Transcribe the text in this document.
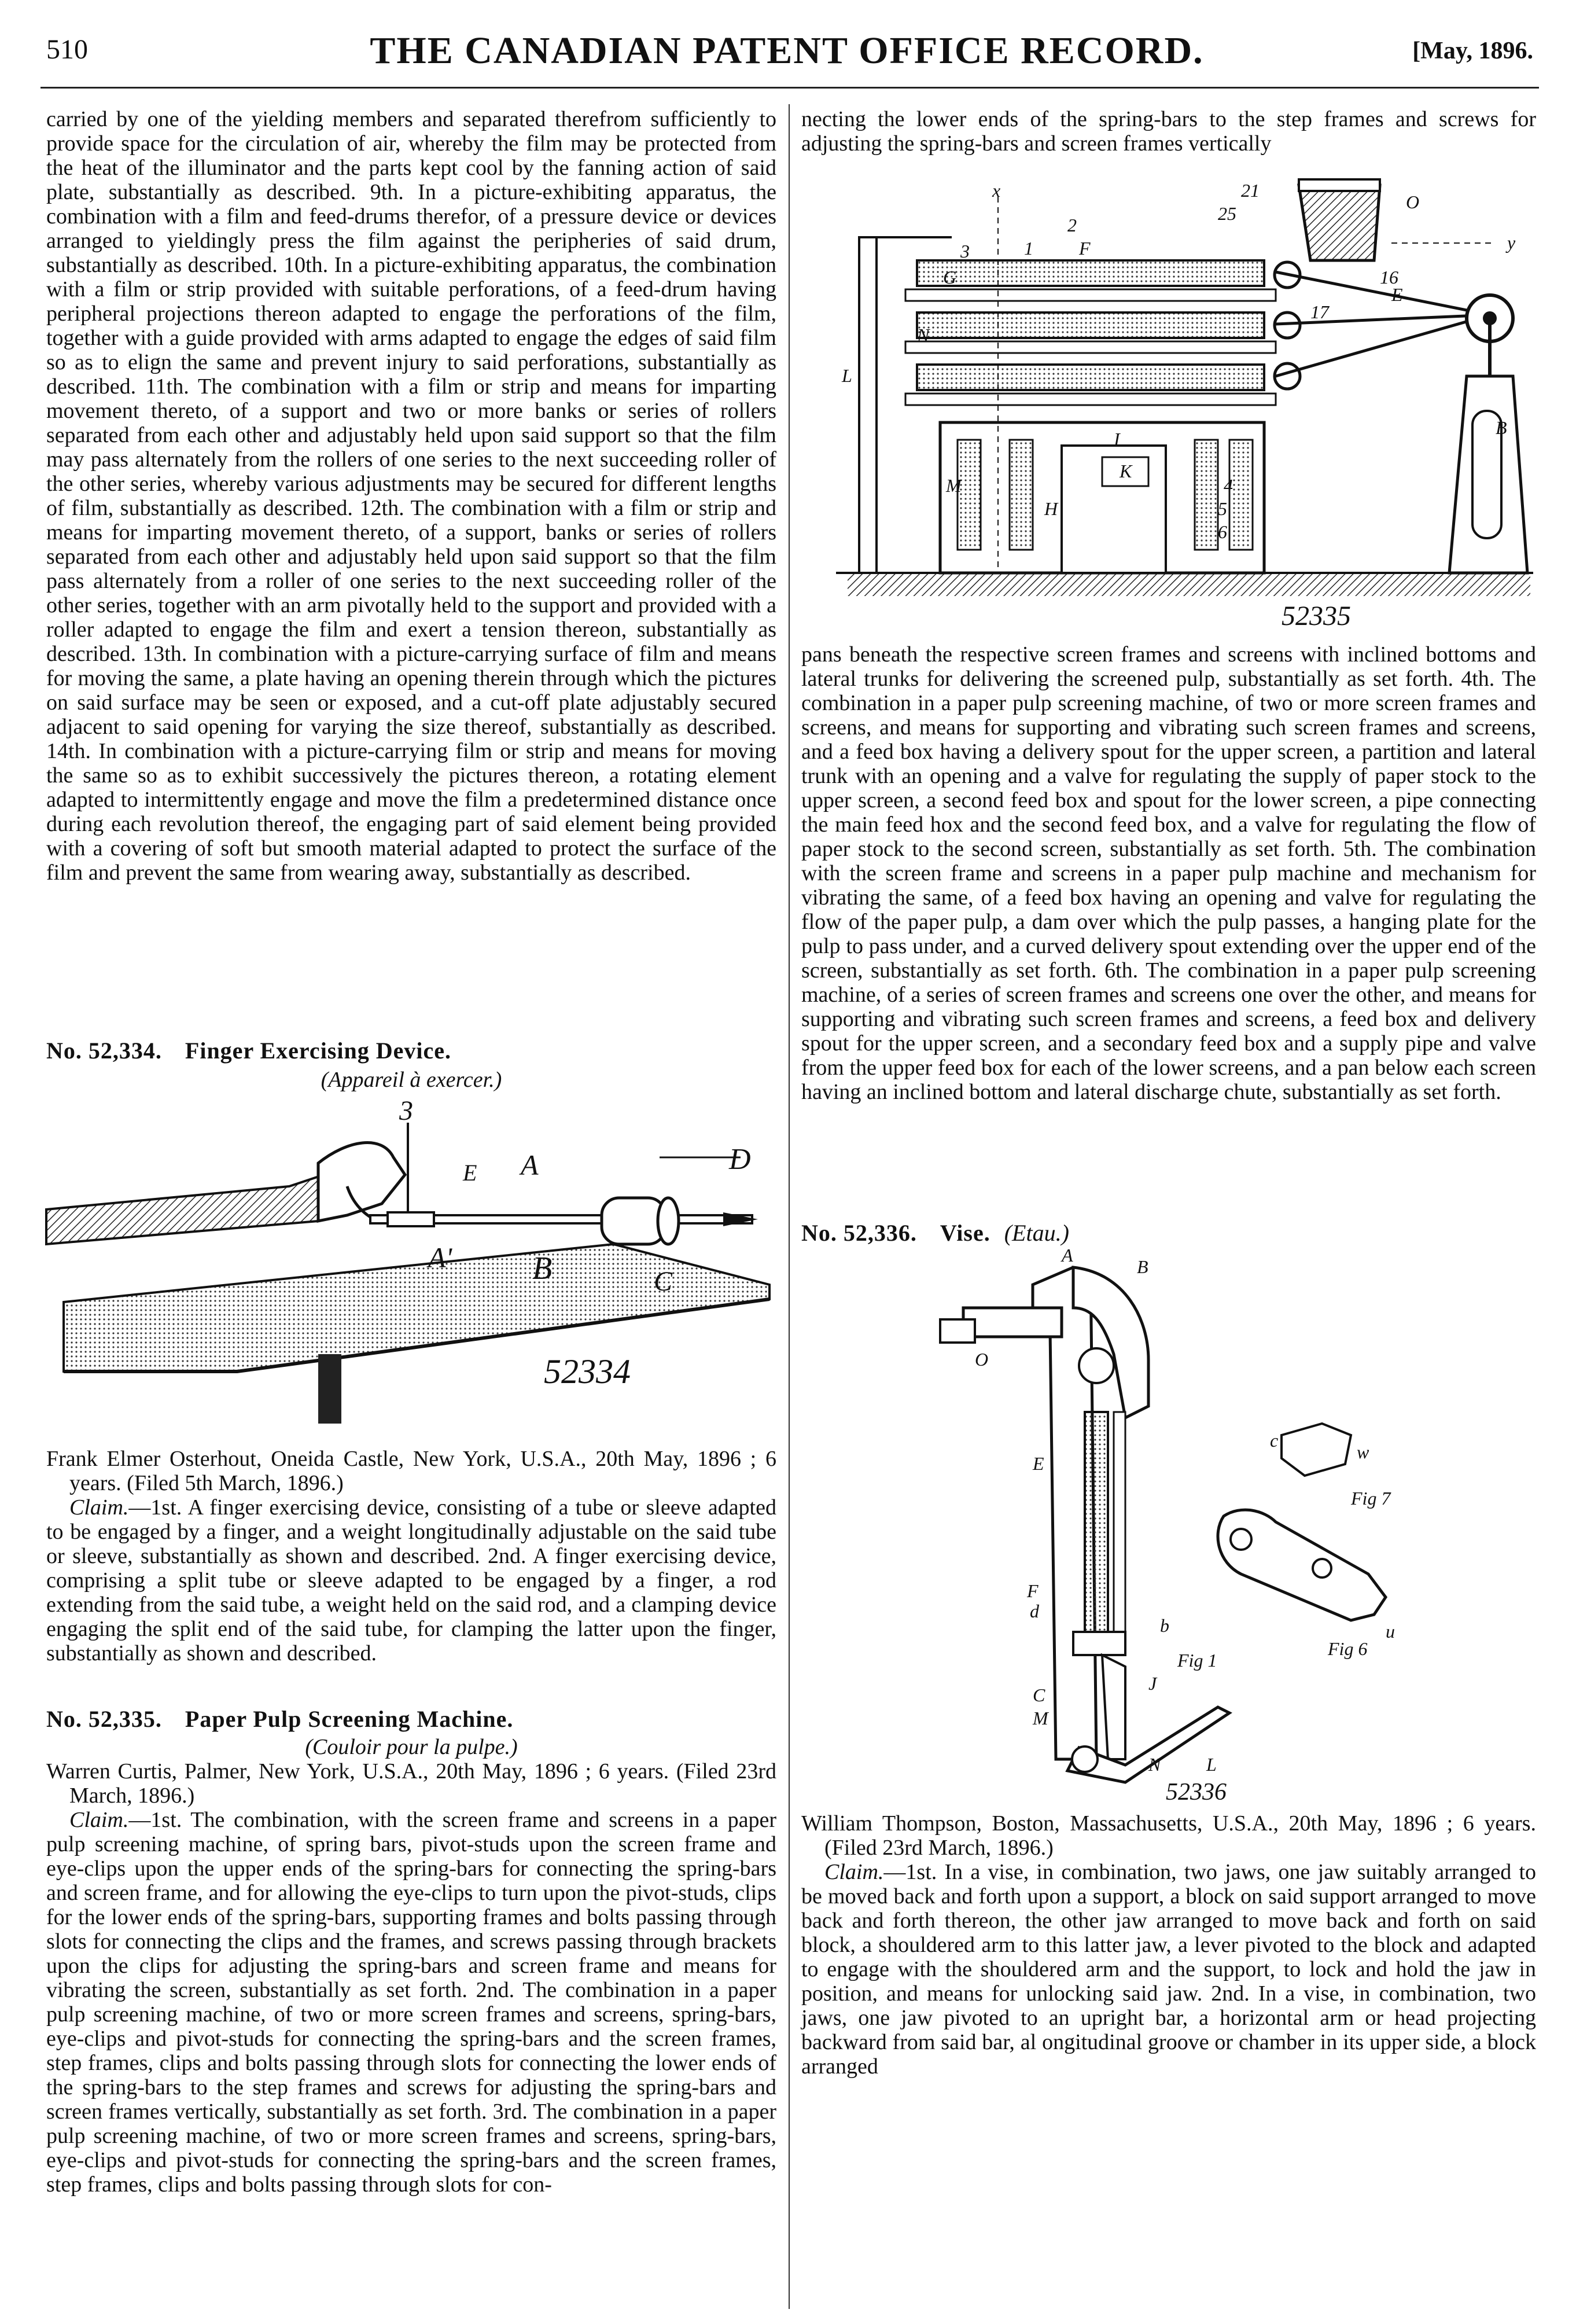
510	THE CANADIAN PATENT OFFICE RECORD.	[May, 1896.

carried by one of the yielding members and separated therefrom sufficiently to provide space for the circulation of air, whereby the film may be protected from the heat of the illuminator and the parts kept cool by the fanning action of said plate, substantially as described. 9th. In a picture-exhibiting apparatus, the combination with a film and feed-drums therefor, of a pressure device or devices arranged to yieldingly press the film against the peripheries of said drum, substantially as described. 10th. In a picture-exhibiting apparatus, the combination with a film or strip provided with suitable perforations, of a feed-drum having peripheral projections thereon adapted to engage the perforations of the film, together with a guide provided with arms adapted to engage the edges of said film so as to elign the same and prevent injury to said perforations, substantially as described. 11th. The combination with a film or strip and means for imparting movement thereto, of a support and two or more banks or series of rollers separated from each other and adjustably held upon said support so that the film may pass alternately from the rollers of one series to the next succeeding roller of the other series, whereby various adjustments may be secured for different lengths of film, substantially as described. 12th. The combination with a film or strip and means for imparting movement thereto, of a support, banks or series of rollers separated from each other and adjustably held upon said support so that the film pass alternately from a roller of one series to the next succeeding roller of the other series, together with an arm pivotally held to the support and provided with a roller adapted to engage the film and exert a tension thereon, substantially as described. 13th. In combination with a picture-carrying surface of film and means for moving the same, a plate having an opening therein through which the pictures on said surface may be seen or exposed, and a cut-off plate adjustably secured adjacent to said opening for varying the size thereof, substantially as described. 14th. In combination with a picture-carrying film or strip and means for moving the same so as to exhibit successively the pictures thereon, a rotating element adapted to intermittently engage and move the film a predetermined distance once during each revolution thereof, the engaging part of said element being provided with a covering of soft but smooth material adapted to protect the surface of the film and prevent the same from wearing away, substantially as described.

No. 52,334. Finger Exercising Device.

(Appareil à exercer.)

3
D
A
A' B	C
E
52334

Frank Elmer Osterhout, Oneida Castle, New York, U.S.A., 20th May, 1896 ; 6 years. (Filed 5th March, 1896.)

Claim.—1st. A finger exercising device, consisting of a tube or sleeve adapted to be engaged by a finger, and a weight longitudinally adjustable on the said tube or sleeve, substantially as shown and described. 2nd. A finger exercising device, comprising a split tube or sleeve adapted to be engaged by a finger, a rod extending from the said tube, a weight held on the said rod, and a clamping device engaging the split end of the said tube, for clamping the latter upon the finger, substantially as shown and described.

No. 52,335. Paper Pulp Screening Machine.

(Couloir pour la pulpe.)

Warren Curtis, Palmer, New York, U.S.A., 20th May, 1896 ; 6 years. (Filed 23rd March, 1896.)

Claim.—1st. The combination, with the screen frame and screens in a paper pulp screening machine, of spring bars, pivot-studs upon the screen frame and eye-clips upon the upper ends of the spring-bars for connecting the spring-bars and screen frame, and for allowing the eye-clips to turn upon the pivot-studs, clips for the lower ends of the spring-bars, supporting frames and bolts passing through slots for connecting the clips and the frames, and screws passing through brackets upon the clips for adjusting the spring-bars and screen frame and means for vibrating the screen, substantially as set forth. 2nd. The combination in a paper pulp screening machine, of two or more screen frames and screens, spring-bars, eye-clips and pivot-studs for connecting the spring-bars and the screen frames, step frames, clips and bolts passing through slots for connecting the lower ends of the spring-bars to the step frames and screws for adjusting the spring-bars and screen frames vertically, substantially as set forth. 3rd. The combination in a paper pulp screening machine, of two or more screen frames and screens, spring-bars, eye-clips and pivot-studs for connecting the spring-bars and the screen frames, step frames, clips and bolts passing through slots for con-

necting the lower ends of the spring-bars to the step frames and screws for adjusting the spring-bars and screen frames vertically

x
y
F
G
H
K
I
L
M
N
E
B
O
3
5
6
4
1
2
21
25
17
16
52335

pans beneath the respective screen frames and screens with inclined bottoms and lateral trunks for delivering the screened pulp, substantially as set forth. 4th. The combination in a paper pulp screening machine, of two or more screen frames and screens, and means for supporting and vibrating such screen frames and screens, and a feed box having a delivery spout for the upper screen, a partition and lateral trunk with an opening and a valve for regulating the supply of paper stock to the upper screen, a second feed box and spout for the lower screen, a pipe connecting the main feed hox and the second feed box, and a valve for regulating the flow of paper stock to the second screen, substantially as set forth. 5th. The combination with the screen frame and screens in a paper pulp machine and mechanism for vibrating the same, of a feed box having an opening and valve for regulating the flow of the paper pulp, a dam over which the pulp passes, a hanging plate for the pulp to pass under, and a curved delivery spout extending over the upper end of the screen, substantially as set forth. 6th. The combination in a paper pulp screening machine, of a series of screen frames and screens one over the other, and means for supporting and vibrating such screen frames and screens, a feed box and delivery spout for the upper screen, and a secondary feed box and a supply pipe and valve from the upper feed box for each of the lower screens, and a pan below each screen having an inclined bottom and lateral discharge chute, substantially as set forth.

No. 52,336. Vise. (Etau.)

A
B
O
E
F
d
J
C
M
N L
Fig 1
Fig 6
Fig 7
c
w
b	u
52336

William Thompson, Boston, Massachusetts, U.S.A., 20th May, 1896 ; 6 years. (Filed 23rd March, 1896.)

Claim.—1st. In a vise, in combination, two jaws, one jaw suitably arranged to be moved back and forth upon a support, a block on said support arranged to move back and forth thereon, the other jaw arranged to move back and forth on said block, a shouldered arm to this latter jaw, a lever pivoted to the block and adapted to engage with the shouldered arm and the support, to lock and hold the jaw in position, and means for unlocking said jaw. 2nd. In a vise, in combination, two jaws, one jaw pivoted to an upright bar, a horizontal arm or head projecting backward from said bar, al ongitudinal groove or chamber in its upper side, a block arranged
